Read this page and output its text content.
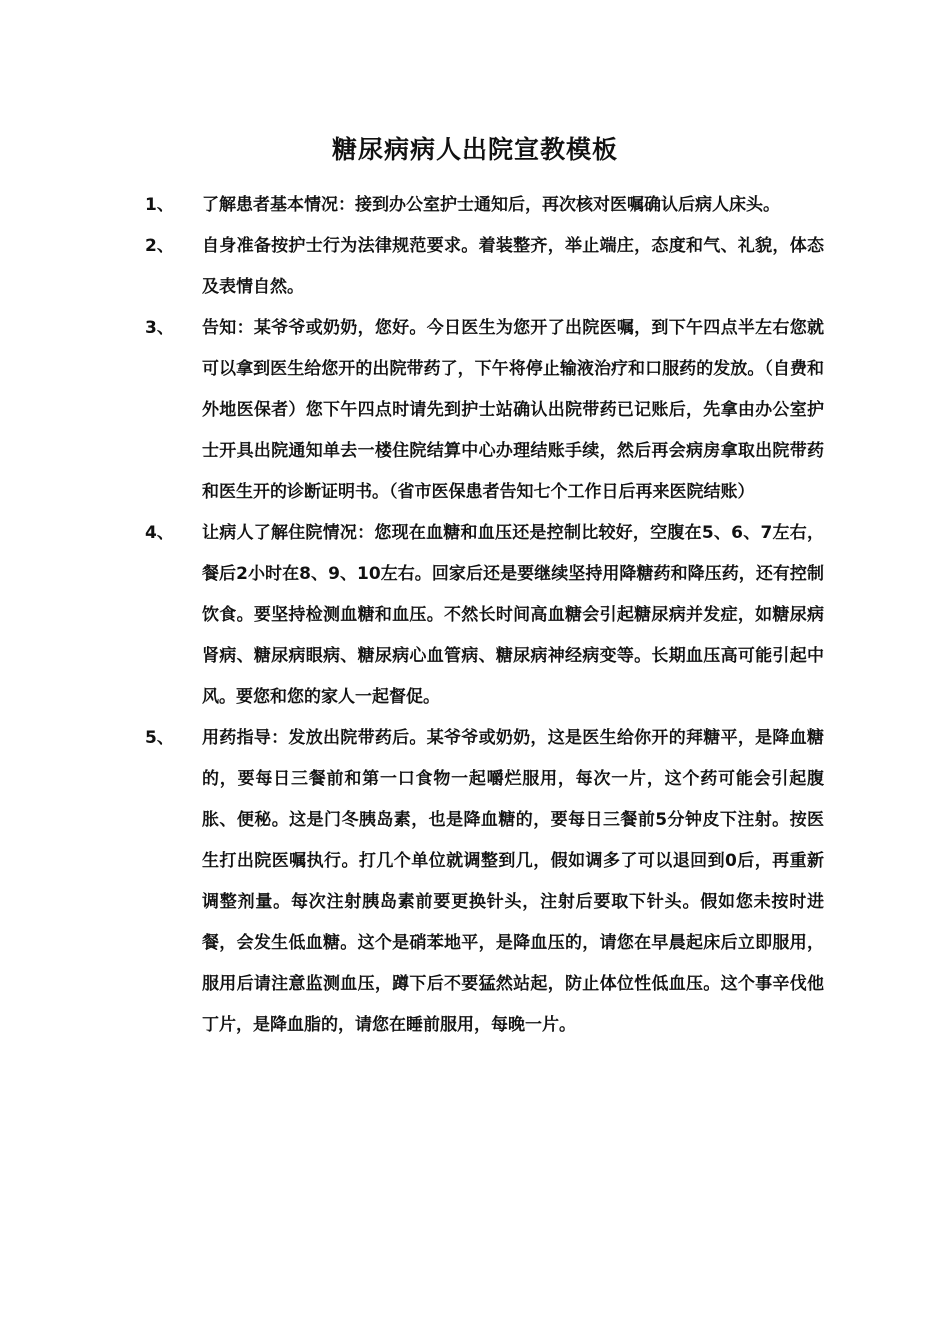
糖尿病病人出院宣教模板
1、 了解患者基本情况：接到办公室护士通知后，再次核对医嘱确认后病人床头。
2、 自身准备按护士行为法律规范要求。着装整齐，举止端庄，态度和气、礼貌，体态及表情自然。
3、 告知：某爷爷或奶奶，您好。今日医生为您开了出院医嘱，到下午四点半左右您就可以拿到医生给您开的出院带药了，下午将停止输液治疗和口服药的发放。（自费和外地医保者）您下午四点时请先到护士站确认出院带药已记账后，先拿由办公室护士开具出院通知单去一楼住院结算中心办理结账手续，然后再会病房拿取出院带药和医生开的诊断证明书。（省市医保患者告知七个工作日后再来医院结账）
4、 让病人了解住院情况：您现在血糖和血压还是控制比较好，空腹在5、6、7左右，餐后2小时在8、9、10左右。回家后还是要继续坚持用降糖药和降压药，还有控制饮食。要坚持检测血糖和血压。不然长时间高血糖会引起糖尿病并发症，如糖尿病肾病、糖尿病眼病、糖尿病心血管病、糖尿病神经病变等。长期血压高可能引起中风。要您和您的家人一起督促。
5、 用药指导：发放出院带药后。某爷爷或奶奶，这是医生给你开的拜糖平，是降血糖的，要每日三餐前和第一口食物一起嚼烂服用，每次一片，这个药可能会引起腹胀、便秘。这是门冬胰岛素，也是降血糖的，要每日三餐前5分钟皮下注射。按医生打出院医嘱执行。打几个单位就调整到几，假如调多了可以退回到0后，再重新调整剂量。每次注射胰岛素前要更换针头，注射后要取下针头。假如您未按时进餐，会发生低血糖。这个是硝苯地平，是降血压的，请您在早晨起床后立即服用，服用后请注意监测血压，蹲下后不要猛然站起，防止体位性低血压。这个事辛伐他丁片，是降血脂的，请您在睡前服用，每晚一片。
